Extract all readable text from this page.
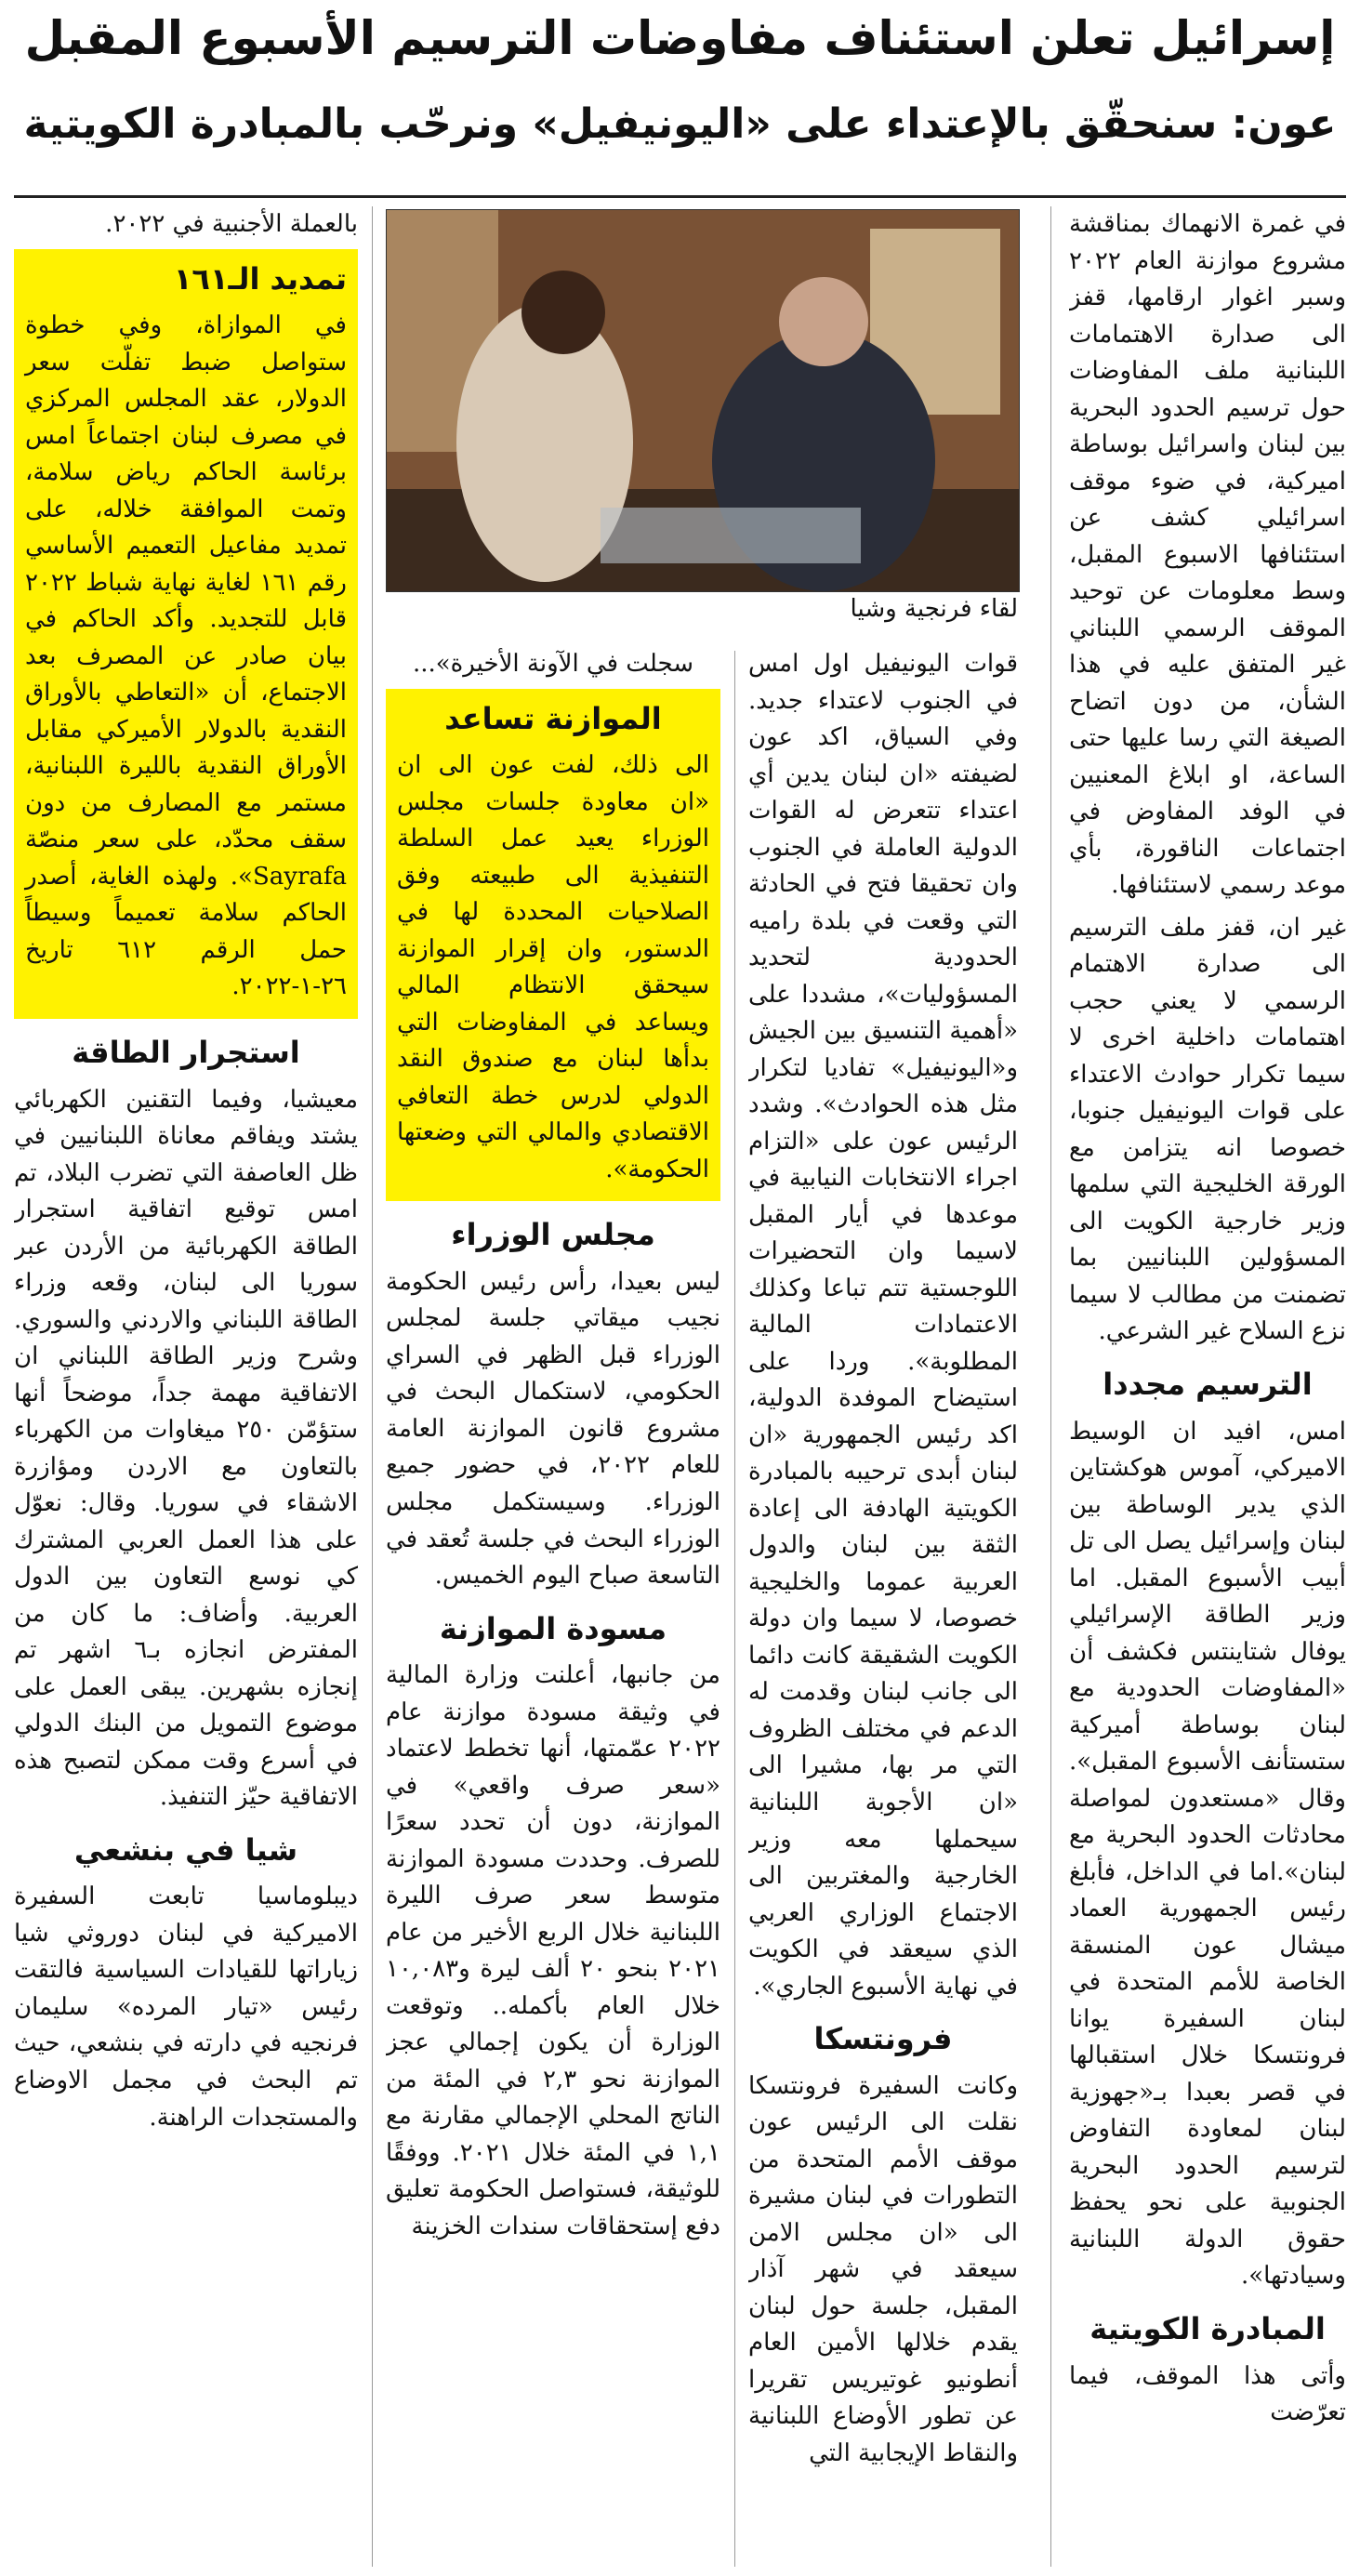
إسرائيل تعلن استئناف مفاوضات الترسيم الأسبوع المقبل
عون: سنحقّق بالإعتداء على «اليونيفيل» ونرحّب بالمبادرة الكويتية

في غمرة الانهماك بمناقشة مشروع موازنة العام ٢٠٢٢ وسبر اغوار ارقامها، قفز الى صدارة الاهتمامات اللبنانية ملف المفاوضات حول ترسيم الحدود البحرية بين لبنان واسرائيل بوساطة اميركية، في ضوء موقف اسرائيلي كشف عن استئنافها الاسبوع المقبل، وسط معلومات عن توحيد الموقف الرسمي اللبناني غير المتفق عليه في هذا الشأن، من دون اتضاح الصيغة التي رسا عليها حتى الساعة، او ابلاغ المعنيين في الوفد المفاوض في اجتماعات الناقورة، بأي موعد رسمي لاستئنافها.

غير ان، قفز ملف الترسيم الى صدارة الاهتمام الرسمي لا يعني حجب اهتمامات داخلية اخرى لا سيما تكرار حوادث الاعتداء على قوات اليونيفيل جنوبا، خصوصا انه يتزامن مع الورقة الخليجية التي سلمها وزير خارجية الكويت الى المسؤولين اللبنانيين بما تضمنت من مطالب لا سيما نزع السلاح غير الشرعي.

الترسيم مجددا

امس، افيد ان الوسيط الاميركي، آموس هوكشتاين الذي يدير الوساطة بين لبنان وإسرائيل يصل الى تل أبيب الأسبوع المقبل. اما وزير الطاقة الإسرائيلي يوفال شتاينتس فكشف أن «المفاوضات الحدودية مع لبنان بوساطة أميركية ستستأنف الأسبوع المقبل». وقال «مستعدون لمواصلة محادثات الحدود البحرية مع لبنان».اما في الداخل، فأبلغ رئيس الجمهورية العماد ميشال عون المنسقة الخاصة للأمم المتحدة في لبنان السفيرة يوانا فرونتسكا خلال استقبالها في قصر بعبدا بـ«جهوزية لبنان لمعاودة التفاوض لترسيم الحدود البحرية الجنوبية على نحو يحفظ حقوق الدولة اللبنانية وسيادتها».

المبادرة الكويتية

وأتى هذا الموقف، فيما تعرّضت

لقاء فرنجية وشيا

قوات اليونيفيل اول امس في الجنوب لاعتداء جديد. وفي السياق، اكد عون لضيفته «ان لبنان يدين أي اعتداء تتعرض له القوات الدولية العاملة في الجنوب وان تحقيقا فتح في الحادثة التي وقعت في بلدة راميه الحدودية لتحديد المسؤوليات»، مشددا على «أهمية التنسيق بين الجيش و«اليونيفيل» تفاديا لتكرار مثل هذه الحوادث». وشدد الرئيس عون على «التزام اجراء الانتخابات النيابية في موعدها في أيار المقبل لاسيما وان التحضيرات اللوجستية تتم تباعا وكذلك الاعتمادات المالية المطلوبة». وردا على استيضاح الموفدة الدولية، اكد رئيس الجمهورية «ان لبنان أبدى ترحيبه بالمبادرة الكويتية الهادفة الى إعادة الثقة بين لبنان والدول العربية عموما والخليجية خصوصا، لا سيما وان دولة الكويت الشقيقة كانت دائما الى جانب لبنان وقدمت له الدعم في مختلف الظروف التي مر بها، مشيرا الى «ان الأجوبة اللبنانية سيحملها معه وزير الخارجية والمغتربين الى الاجتماع الوزاري العربي الذي سيعقد في الكويت في نهاية الأسبوع الجاري».

فرونتسكا

وكانت السفيرة فرونتسكا نقلت الى الرئيس عون موقف الأمم المتحدة من التطورات في لبنان مشيرة الى «ان مجلس الامن سيعقد في شهر آذار المقبل، جلسة حول لبنان يقدم خلالها الأمين العام أنطونيو غوتيريس تقريرا عن تطور الأوضاع اللبنانية والنقاط الإيجابية التي

سجلت في الآونة الأخيرة»...

الموازنة تساعد

الى ذلك، لفت عون الى ان «ان معاودة جلسات مجلس الوزراء يعيد عمل السلطة التنفيذية الى طبيعته وفق الصلاحيات المحددة لها في الدستور، وان إقرار الموازنة سيحقق الانتظام المالي ويساعد في المفاوضات التي بدأها لبنان مع صندوق النقد الدولي لدرس خطة التعافي الاقتصادي والمالي التي وضعتها الحكومة».

مجلس الوزراء

ليس بعيدا، رأس رئيس الحكومة نجيب ميقاتي جلسة لمجلس الوزراء قبل الظهر في السراي الحكومي، لاستكمال البحث في مشروع قانون الموازنة العامة للعام ٢٠٢٢، في حضور جميع الوزراء. وسيستكمل مجلس الوزراء البحث في جلسة تُعقد في التاسعة صباح اليوم الخميس.

مسودة الموازنة

من جانبها، أعلنت وزارة المالية في وثيقة مسودة موازنة عام ٢٠٢٢ عمّمتها، أنها تخطط لاعتماد «سعر صرف واقعي» في الموازنة، دون أن تحدد سعرًا للصرف. وحددت مسودة الموازنة متوسط سعر صرف الليرة اللبنانية خلال الربع الأخير من عام ٢٠٢١ بنحو ٢٠ ألف ليرة و١٠,٠٨٣ خلال العام بأكمله.. وتوقعت الوزارة أن يكون إجمالي عجز الموازنة نحو ٢,٣ في المئة من الناتج المحلي الإجمالي مقارنة مع ١,١ في المئة خلال ٢٠٢١. ووفقًا للوثيقة، فستواصل الحكومة تعليق دفع إستحقاقات سندات الخزينة

بالعملة الأجنبية في ٢٠٢٢.

تمديد الـ١٦١

في الموازاة، وفي خطوة ستواصل ضبط تفلّت سعر الدولار، عقد المجلس المركزي في مصرف لبنان اجتماعاً امس برئاسة الحاكم رياض سلامة، وتمت الموافقة خلاله، على تمديد مفاعيل التعميم الأساسي رقم ١٦١ لغاية نهاية شباط ٢٠٢٢ قابل للتجديد. وأكد الحاكم في بيان صادر عن المصرف بعد الاجتماع، أن «التعاطي بالأوراق النقدية بالدولار الأميركي مقابل الأوراق النقدية بالليرة اللبنانية، مستمر مع المصارف من دون سقف محدّد، على سعر منصّة Sayrafa». ولهذه الغاية، أصدر الحاكم سلامة تعميماً وسيطاً حمل الرقم ٦١٢ تاريخ ٢٦-١-٢٠٢٢.

استجرار الطاقة

معيشيا، وفيما التقنين الكهربائي يشتد ويفاقم معاناة اللبنانيين في ظل العاصفة التي تضرب البلاد، تم امس توقيع اتفاقية استجرار الطاقة الكهربائية من الأردن عبر سوريا الى لبنان، وقعه وزراء الطاقة اللبناني والاردني والسوري. وشرح وزير الطاقة اللبناني ان الاتفاقية مهمة جداً، موضحاً أنها ستؤمّن ٢٥٠ ميغاوات من الكهرباء بالتعاون مع الاردن ومؤازرة الاشقاء في سوريا. وقال: نعوّل على هذا العمل العربي المشترك كي نوسع التعاون بين الدول العربية. وأضاف: ما كان من المفترض انجازه بـ٦ اشهر تم إنجازه بشهرين. يبقى العمل على موضوع التمويل من البنك الدولي في أسرع وقت ممكن لتصبح هذه الاتفاقية حيّز التنفيذ.

شيا في بنشعي

ديبلوماسيا تابعت السفيرة الاميركية في لبنان دوروثي شيا زياراتها للقيادات السياسية فالتقت رئيس «تيار المرده» سليمان فرنجيه في دارته في بنشعي، حيث تم البحث في مجمل الاوضاع والمستجدات الراهنة.
